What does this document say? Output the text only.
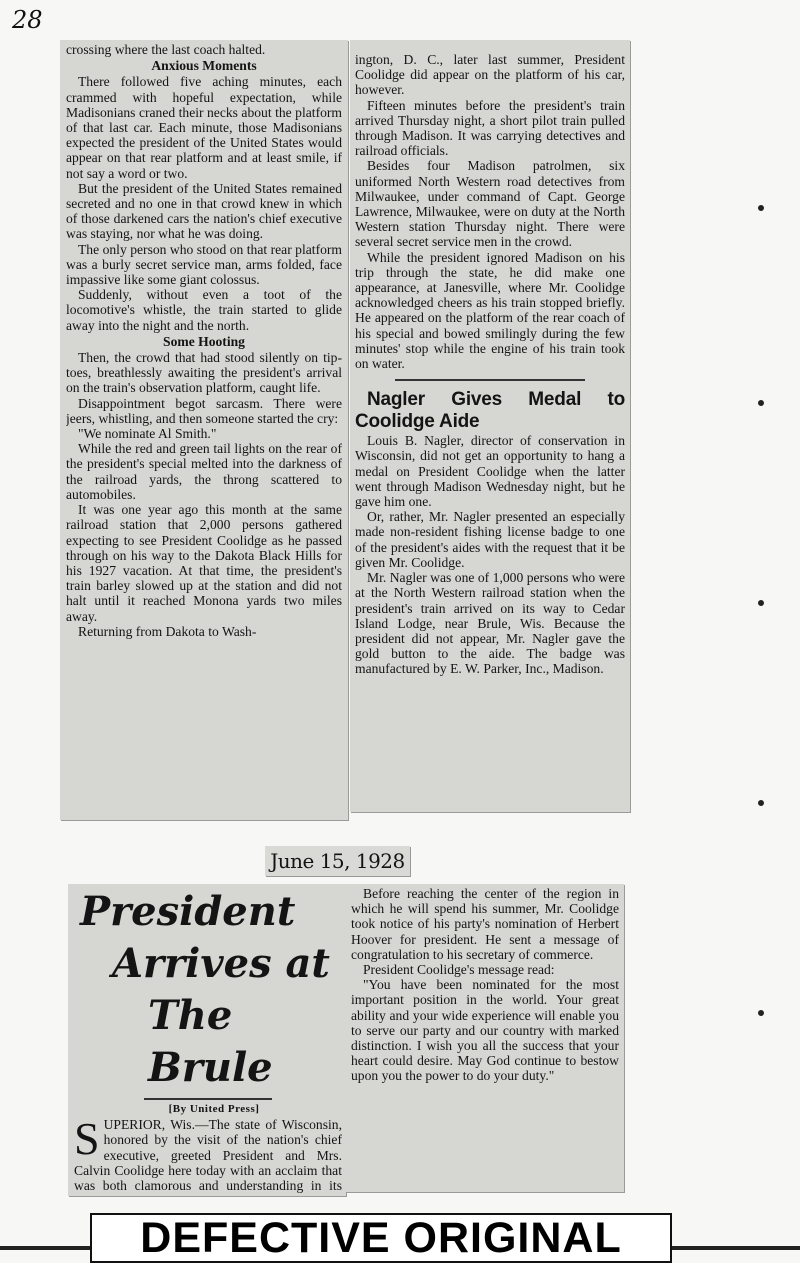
28

crossing where the last coach halted.

Anxious Moments

There followed five aching minutes, each crammed with hopeful expectation, while Madisonians craned their necks about the platform of that last car. Each minute, those Madisonians expected the president of the United States would appear on that rear platform and at least smile, if not say a word or two.

But the president of the United States remained secreted and no one in that crowd knew in which of those darkened cars the nation's chief executive was staying, nor what he was doing.

The only person who stood on that rear platform was a burly secret service man, arms folded, face impassive like some giant colossus.

Suddenly, without even a toot of the locomotive's whistle, the train started to glide away into the night and the north.

Some Hooting

Then, the crowd that had stood silently on tip-toes, breathlessly awaiting the president's arrival on the train's observation platform, caught life.

Disappointment begot sarcasm. There were jeers, whistling, and then someone started the cry:

"We nominate Al Smith."

While the red and green tail lights on the rear of the president's special melted into the darkness of the railroad yards, the throng scattered to automobiles.

It was one year ago this month at the same railroad station that 2,000 persons gathered expecting to see President Coolidge as he passed through on his way to the Dakota Black Hills for his 1927 vacation. At that time, the president's train barley slowed up at the station and did not halt until it reached Monona yards two miles away.

Returning from Dakota to Wash-

ington, D. C., later last summer, President Coolidge did appear on the platform of his car, however.

Fifteen minutes before the president's train arrived Thursday night, a short pilot train pulled through Madison. It was carrying detectives and railroad officials.

Besides four Madison patrolmen, six uniformed North Western road detectives from Milwaukee, under command of Capt. George Lawrence, Milwaukee, were on duty at the North Western station Thursday night. There were several secret service men in the crowd.

While the president ignored Madison on his trip through the state, he did make one appearance, at Janesville, where Mr. Coolidge acknowledged cheers as his train stopped briefly. He appeared on the platform of the rear coach of his special and bowed smilingly during the few minutes' stop while the engine of his train took on water.

Nagler Gives Medal to Coolidge Aide

Louis B. Nagler, director of conservation in Wisconsin, did not get an opportunity to hang a medal on President Coolidge when the latter went through Madison Wednesday night, but he gave him one.

Or, rather, Mr. Nagler presented an especially made non-resident fishing license badge to one of the president's aides with the request that it be given Mr. Coolidge.

Mr. Nagler was one of 1,000 persons who were at the North Western railroad station when the president's train arrived on its way to Cedar Island Lodge, near Brule, Wis. Because the president did not appear, Mr. Nagler gave the gold button to the aide. The badge was manufactured by E. W. Parker, Inc., Madison.

June 15, 1928
President
Arrives at
The Brule

[By United Press]

S UPERIOR, Wis.—The state of Wisconsin, honored by the visit of the nation's chief executive, greeted President and Mrs. Calvin Coolidge here today with an acclaim that was both clamorous and understanding in its

Before reaching the center of the region in which he will spend his summer, Mr. Coolidge took notice of his party's nomination of Herbert Hoover for president. He sent a message of congratulation to his secretary of commerce.

President Coolidge's message read:

"You have been nominated for the most important position in the world. Your great ability and your wide experience will enable you to serve our party and our country with marked distinction. I wish you all the success that your heart could desire. May God continue to bestow upon you the power to do your duty."

DEFECTIVE ORIGINAL
